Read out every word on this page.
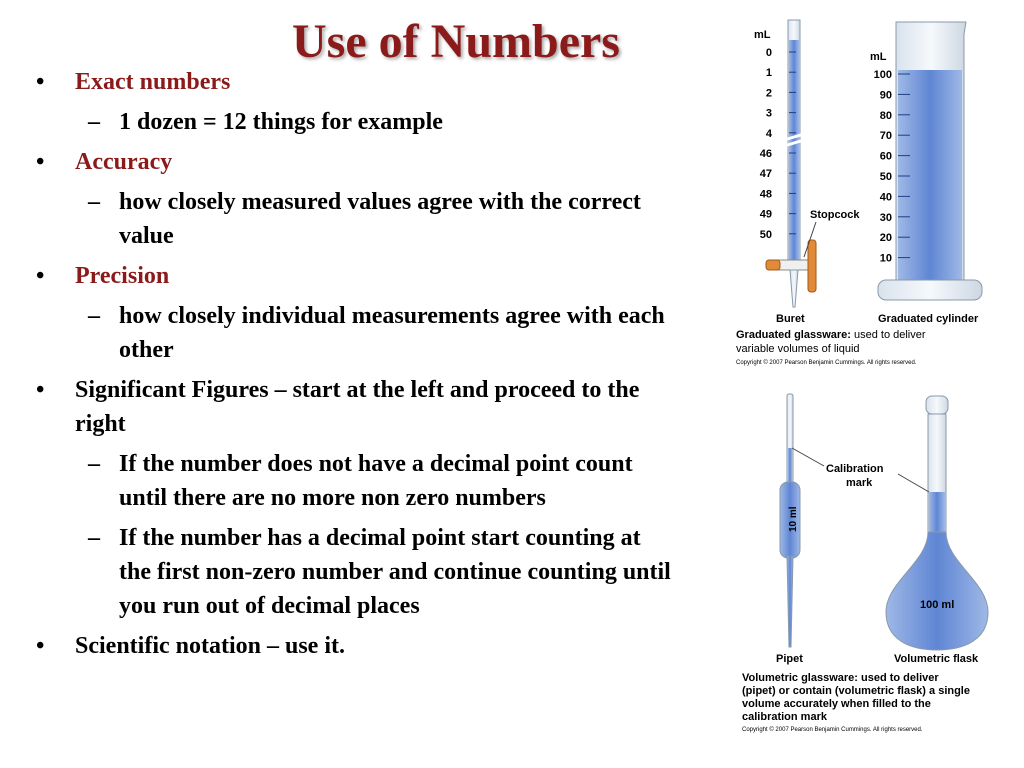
Use of Numbers
• Exact numbers
– 1 dozen = 12 things for example
• Accuracy
– how closely measured values agree with the correct value
• Precision
– how closely individual measurements agree with each other
• Significant Figures – start at the left and proceed to the right
– If the number does not have a decimal point count until there are no more non zero numbers
– If the number has a decimal point start counting at the first non-zero number and continue counting until you run out of decimal places
• Scientific notation – use it.
0
1
2
3
4
46
47
48
49
50
mL
Stopcock
Buret
100
90
80
70
60
50
40
30
20
10
mL
Graduated cylinder
Graduated glassware: used to deliver
variable volumes of liquid
Copyright © 2007 Pearson Benjamin Cummings. All rights reserved.
10 ml
Calibration
mark
100 ml
Pipet	Volumetric flask
Volumetric glassware: used to deliver
(pipet) or contain (volumetric flask) a single
volume accurately when filled to the
calibration mark
Copyright © 2007 Pearson Benjamin Cummings. All rights reserved.
